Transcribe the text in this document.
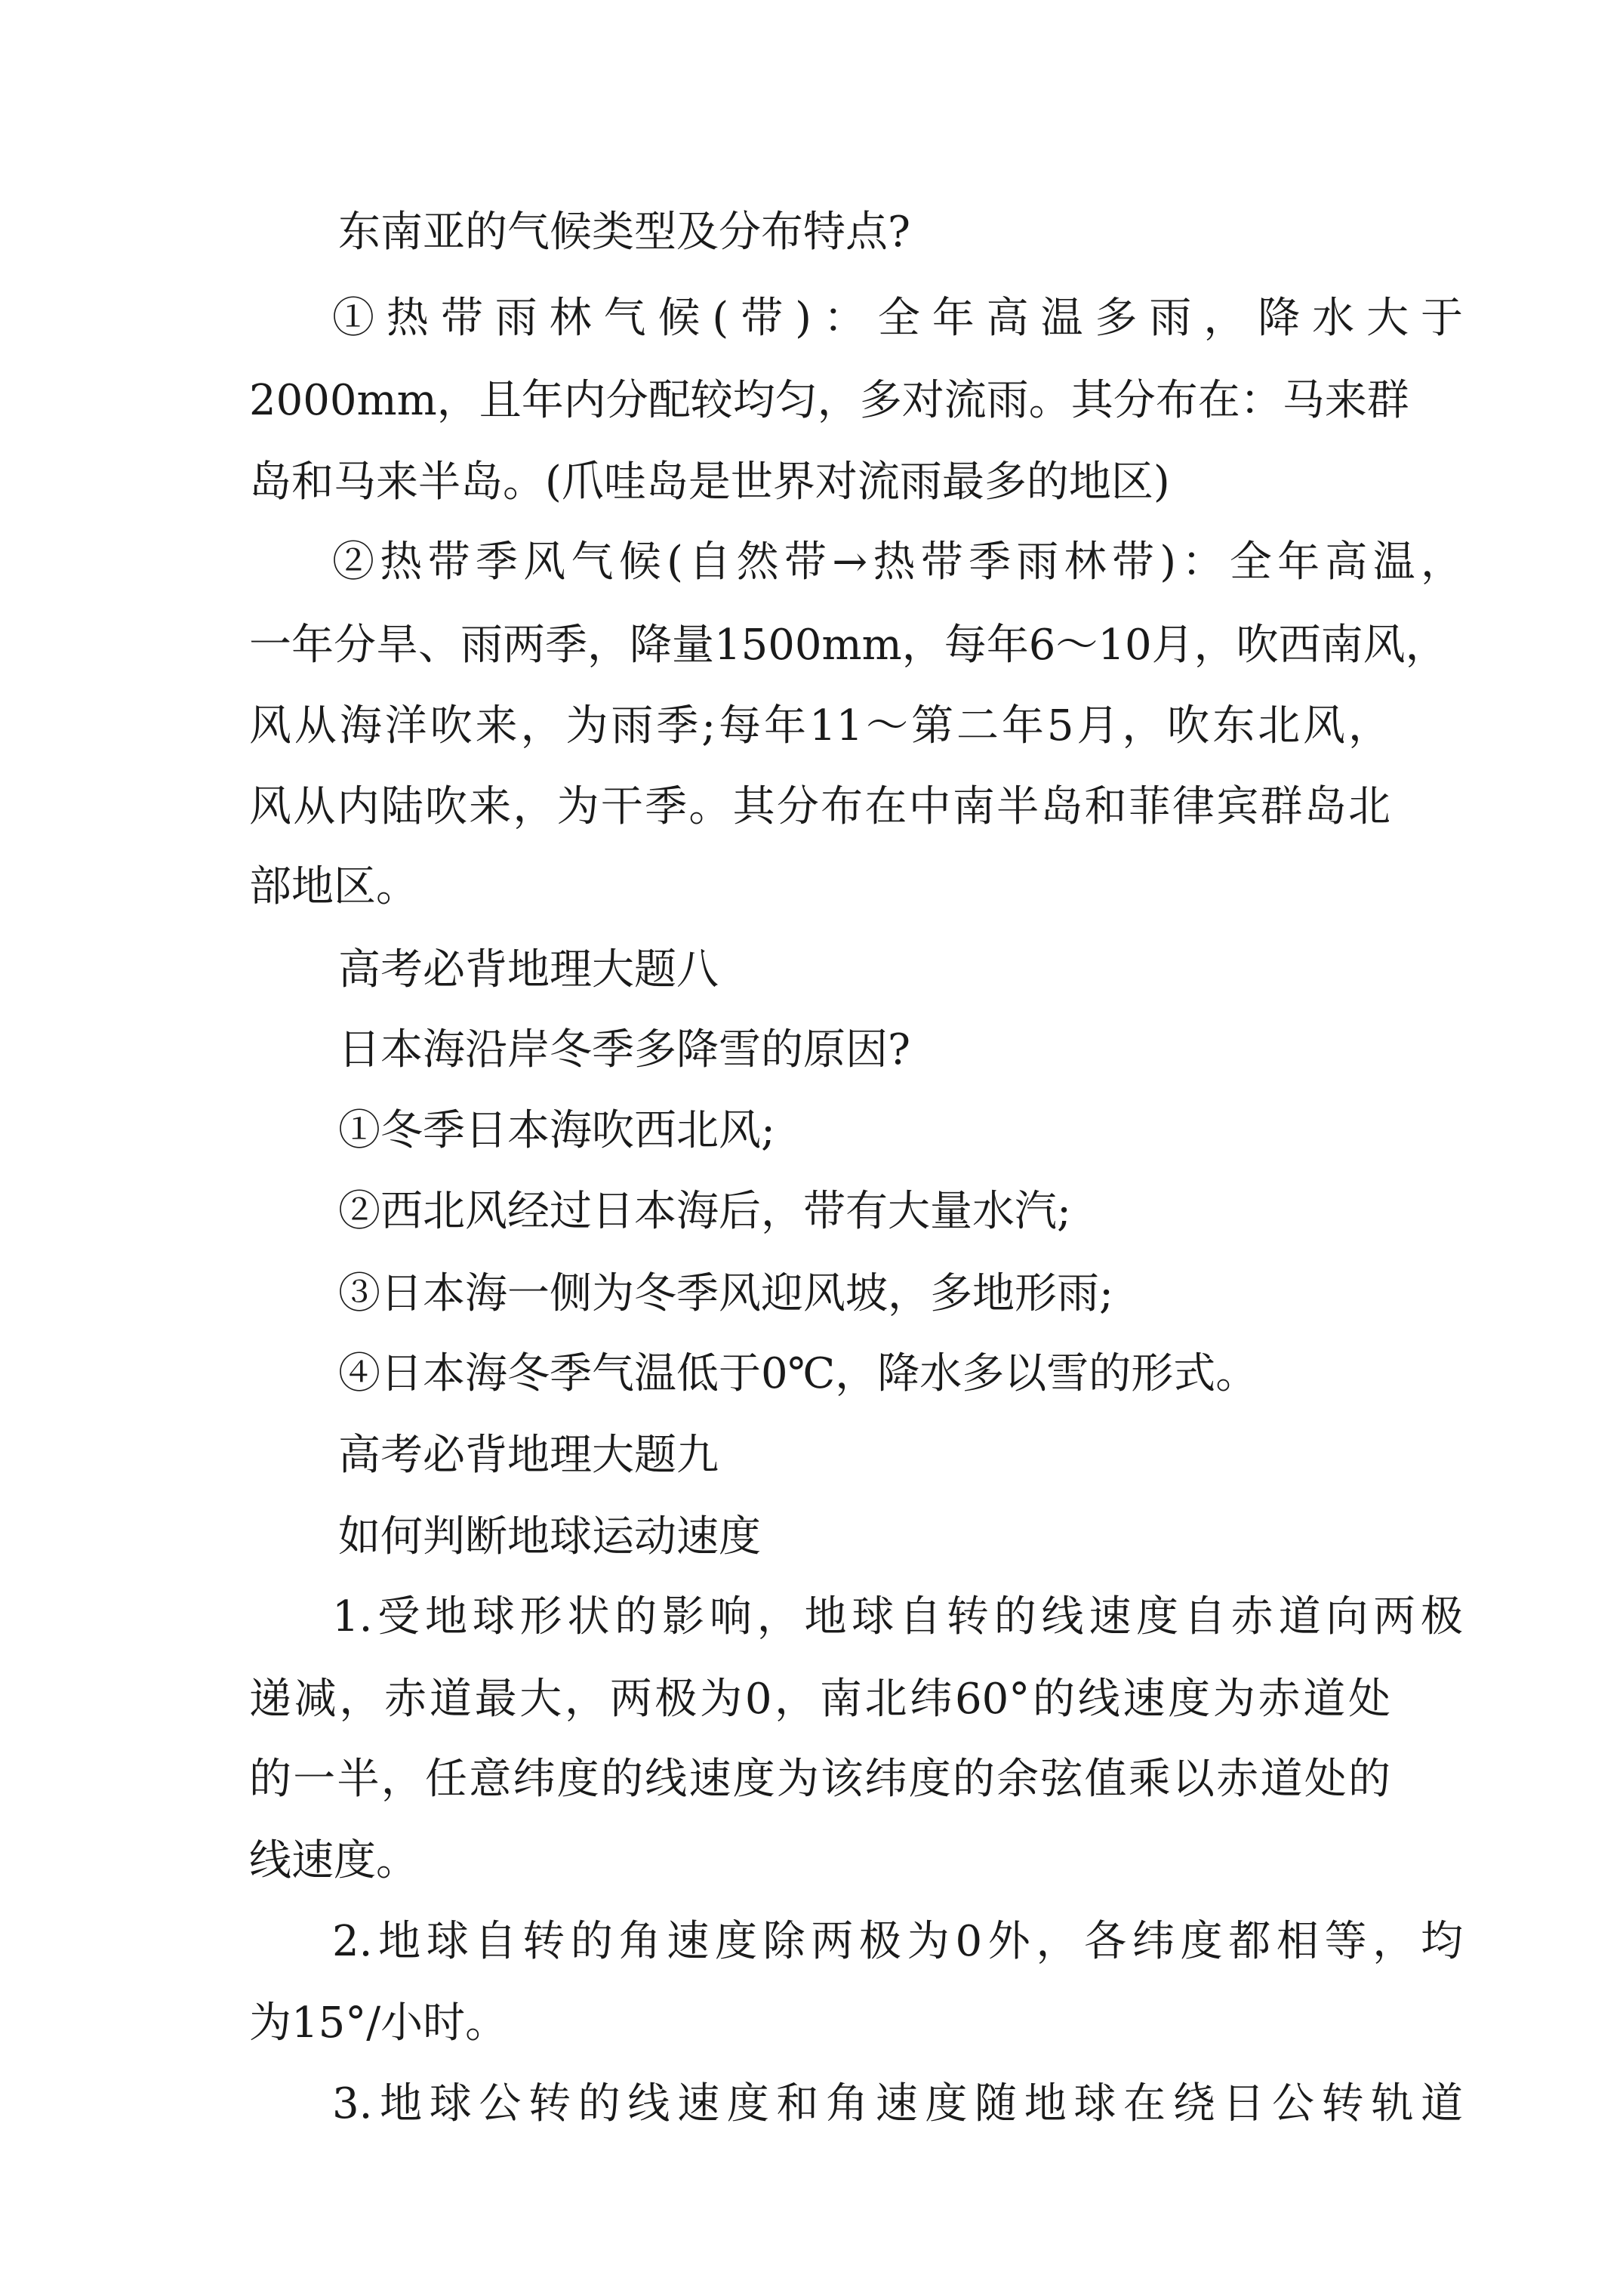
东南亚的气候类型及分布特点?
①热带雨林气候(带)：全年高温多雨，降水大于
2000mm，且年内分配较均匀，多对流雨。其分布在：马来群
岛和马来半岛。(爪哇岛是世界对流雨最多的地区)
②热带季风气候(自然带→热带季雨林带)：全年高温，
一年分旱、雨两季，降量1500mm，每年6～10月，吹西南风，
风从海洋吹来，为雨季;每年11～第二年5月，吹东北风，
风从内陆吹来，为干季。其分布在中南半岛和菲律宾群岛北
部地区。
高考必背地理大题八
日本海沿岸冬季多降雪的原因?
①冬季日本海吹西北风;
②西北风经过日本海后，带有大量水汽;
③日本海一侧为冬季风迎风坡，多地形雨;
④日本海冬季气温低于0℃，降水多以雪的形式。
高考必背地理大题九
如何判断地球运动速度
1.受地球形状的影响，地球自转的线速度自赤道向两极
递减，赤道最大，两极为0，南北纬60°的线速度为赤道处
的一半，任意纬度的线速度为该纬度的余弦值乘以赤道处的
线速度。
2.地球自转的角速度除两极为0外，各纬度都相等，均
为15°/小时。
3.地球公转的线速度和角速度随地球在绕日公转轨道
